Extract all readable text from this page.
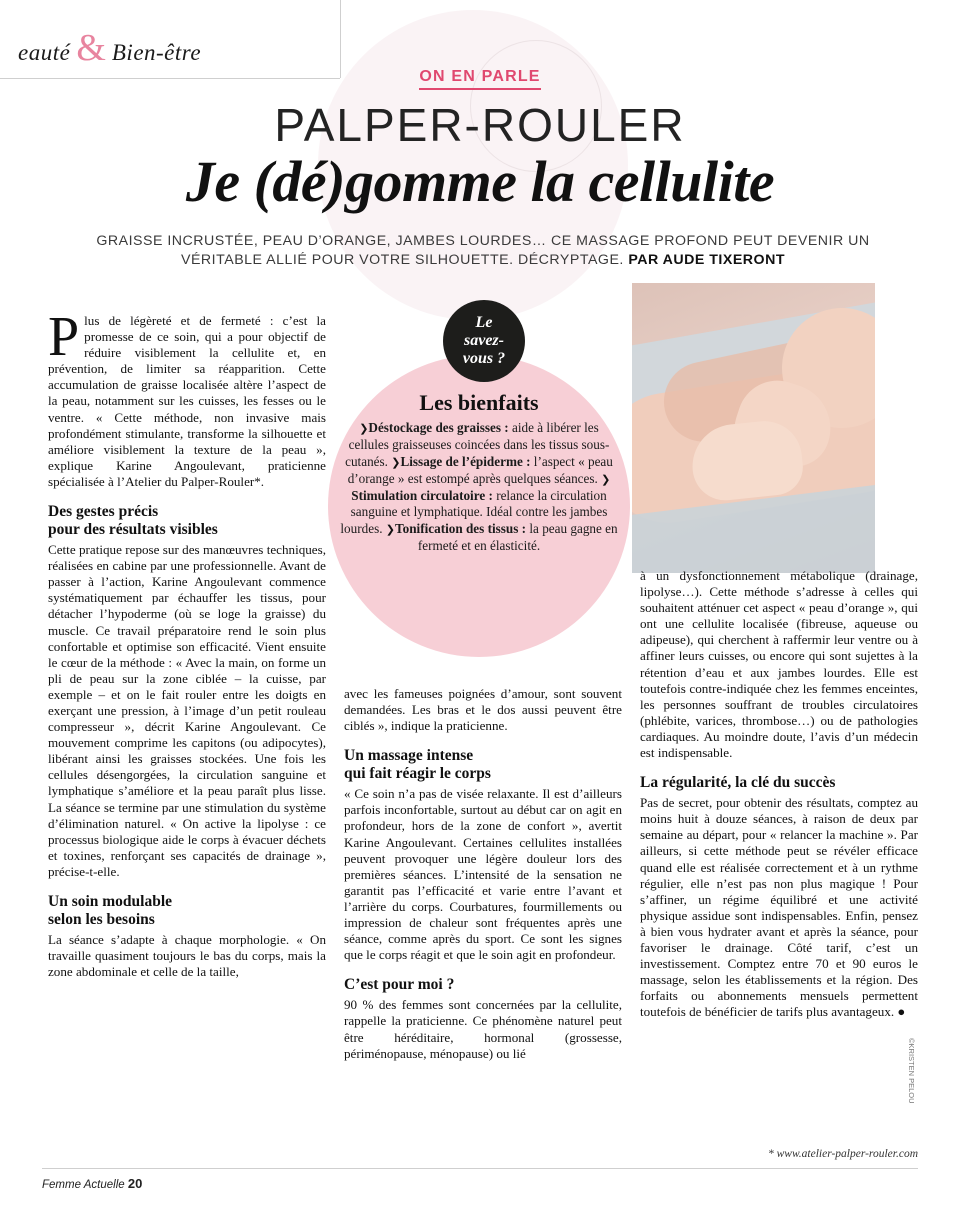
eauté & Bien-être
ON EN PARLE
PALPER-ROULER
Je (dé)gomme la cellulite
GRAISSE INCRUSTÉE, PEAU D’ORANGE, JAMBES LOURDES… CE MASSAGE PROFOND PEUT DEVENIR UN VÉRITABLE ALLIÉ POUR VOTRE SILHOUETTE. DÉCRYPTAGE. PAR AUDE TIXERONT
©KRISTEN PELOU
Le
savez-
vous ?
Les bienfaits
❯Déstockage des graisses : aide à libérer les cellules graisseuses coincées dans les tissus sous-cutanés. ❯Lissage de l’épiderme : l’aspect « peau d’orange » est estompé après quelques séances. ❯Stimulation circulatoire : relance la circulation sanguine et lymphatique. Idéal contre les jambes lourdes. ❯Tonification des tissus : la peau gagne en fermeté et en élasticité.

Plus de légèreté et de fermeté : c’est la promesse de ce soin, qui a pour objectif de réduire visiblement la cellulite et, en prévention, de limiter sa réapparition. Cette accumulation de graisse localisée altère l’aspect de la peau, notamment sur les cuisses, les fesses ou le ventre. « Cette méthode, non invasive mais profondément stimulante, transforme la silhouette et améliore visiblement la texture de la peau », explique Karine Angoulevant, praticienne spécialisée à l’Atelier du Palper-Rouler*.

Des gestes précis
pour des résultats visibles

Cette pratique repose sur des manœuvres techniques, réalisées en cabine par une professionnelle. Avant de passer à l’action, Karine Angoulevant commence systématiquement par échauffer les tissus, pour détacher l’hypoderme (où se loge la graisse) du muscle. Ce travail préparatoire rend le soin plus confortable et optimise son efficacité. Vient ensuite le cœur de la méthode : « Avec la main, on forme un pli de peau sur la zone ciblée – la cuisse, par exemple – et on le fait rouler entre les doigts en exerçant une pression, à l’image d’un petit rouleau compresseur », décrit Karine Angoulevant. Ce mouvement comprime les capitons (ou adipocytes), libérant ainsi les graisses stockées. Une fois les cellules désengorgées, la circulation sanguine et lymphatique s’améliore et la peau paraît plus lisse. La séance se termine par une stimulation du système d’élimination naturel. « On active la lipolyse : ce processus biologique aide le corps à évacuer déchets et toxines, renforçant ses capacités de drainage », précise-t-elle.

Un soin modulable
selon les besoins

La séance s’adapte à chaque morphologie. « On travaille quasiment toujours le bas du corps, mais la zone abdominale et celle de la taille,

avec les fameuses poignées d’amour, sont souvent demandées. Les bras et le dos aussi peuvent être ciblés », indique la praticienne.

Un massage intense
qui fait réagir le corps

« Ce soin n’a pas de visée relaxante. Il est d’ailleurs parfois inconfortable, surtout au début car on agit en profondeur, hors de la zone de confort », avertit Karine Angoulevant. Certaines cellulites installées peuvent provoquer une légère douleur lors des premières séances. L’intensité de la sensation ne garantit pas l’efficacité et varie entre l’avant et l’arrière du corps. Courbatures, fourmillements ou impression de chaleur sont fréquentes après une séance, comme après du sport. Ce sont les signes que le corps réagit et que le soin agit en profondeur.

C’est pour moi ?

90 % des femmes sont concernées par la cellulite, rappelle la praticienne. Ce phénomène naturel peut être héréditaire, hormonal (grossesse, périménopause, ménopause) ou lié

à un dysfonctionnement métabolique (drainage, lipolyse…). Cette méthode s’adresse à celles qui souhaitent atténuer cet aspect « peau d’orange », qui ont une cellulite localisée (fibreuse, aqueuse ou adipeuse), qui cherchent à raffermir leur ventre ou à affiner leurs cuisses, ou encore qui sont sujettes à la rétention d’eau et aux jambes lourdes. Elle est toutefois contre-indiquée chez les femmes enceintes, les personnes souffrant de troubles circulatoires (phlébite, varices, thrombose…) ou de pathologies cardiaques. Au moindre doute, l’avis d’un médecin est indispensable.

La régularité, la clé du succès

Pas de secret, pour obtenir des résultats, comptez au moins huit à douze séances, à raison de deux par semaine au départ, pour « relancer la machine ». Par ailleurs, si cette méthode peut se révéler efficace quand elle est réalisée correctement et à un rythme régulier, elle n’est pas non plus magique ! Pour s’affiner, un régime équilibré et une activité physique assidue sont indispensables. Enfin, pensez à bien vous hydrater avant et après la séance, pour favoriser le drainage. Côté tarif, c’est un investissement. Comptez entre 70 et 90 euros le massage, selon les établissements et la région. Des forfaits ou abonnements mensuels permettent toutefois de bénéficier de tarifs plus avantageux. ●

* www.atelier-palper-rouler.com
Femme Actuelle 20
